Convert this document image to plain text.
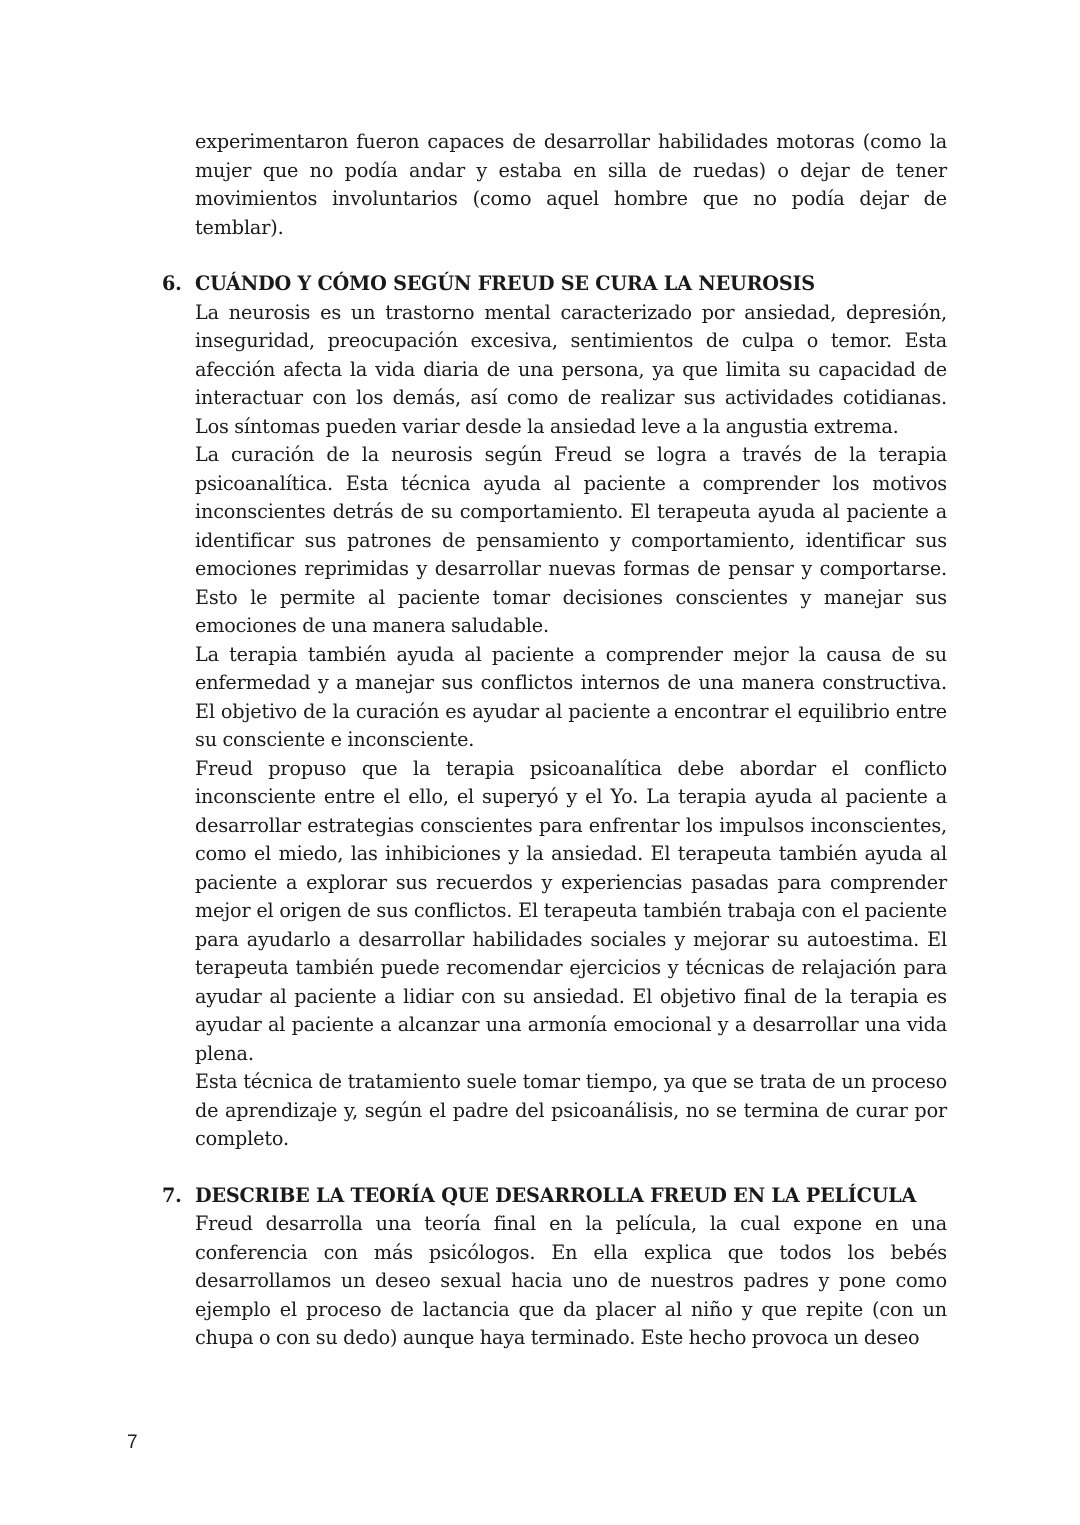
experimentaron fueron capaces de desarrollar habilidades motoras (como la mujer que no podía andar y estaba en silla de ruedas) o dejar de tener movimientos involuntarios (como aquel hombre que no podía dejar de temblar).

6. CUÁNDO Y CÓMO SEGÚN FREUD SE CURA LA NEUROSIS

La neurosis es un trastorno mental caracterizado por ansiedad, depresión, inseguridad, preocupación excesiva, sentimientos de culpa o temor. Esta afección afecta la vida diaria de una persona, ya que limita su capacidad de interactuar con los demás, así como de realizar sus actividades cotidianas. Los síntomas pueden variar desde la ansiedad leve a la angustia extrema.

La curación de la neurosis según Freud se logra a través de la terapia psicoanalítica. Esta técnica ayuda al paciente a comprender los motivos inconscientes detrás de su comportamiento. El terapeuta ayuda al paciente a identificar sus patrones de pensamiento y comportamiento, identificar sus emociones reprimidas y desarrollar nuevas formas de pensar y comportarse. Esto le permite al paciente tomar decisiones conscientes y manejar sus emociones de una manera saludable.

La terapia también ayuda al paciente a comprender mejor la causa de su enfermedad y a manejar sus conflictos internos de una manera constructiva. El objetivo de la curación es ayudar al paciente a encontrar el equilibrio entre su consciente e inconsciente.

Freud propuso que la terapia psicoanalítica debe abordar el conflicto inconsciente entre el ello, el superyó y el Yo. La terapia ayuda al paciente a desarrollar estrategias conscientes para enfrentar los impulsos inconscientes, como el miedo, las inhibiciones y la ansiedad. El terapeuta también ayuda al paciente a explorar sus recuerdos y experiencias pasadas para comprender mejor el origen de sus conflictos. El terapeuta también trabaja con el paciente para ayudarlo a desarrollar habilidades sociales y mejorar su autoestima. El terapeuta también puede recomendar ejercicios y técnicas de relajación para ayudar al paciente a lidiar con su ansiedad. El objetivo final de la terapia es ayudar al paciente a alcanzar una armonía emocional y a desarrollar una vida plena.

Esta técnica de tratamiento suele tomar tiempo, ya que se trata de un proceso de aprendizaje y, según el padre del psicoanálisis, no se termina de curar por completo.

7. DESCRIBE LA TEORÍA QUE DESARROLLA FREUD EN LA PELÍCULA

Freud desarrolla una teoría final en la película, la cual expone en una conferencia con más psicólogos. En ella explica que todos los bebés desarrollamos un deseo sexual hacia uno de nuestros padres y pone como ejemplo el proceso de lactancia que da placer al niño y que repite (con un chupa o con su dedo) aunque haya terminado. Este hecho provoca un deseo

7
